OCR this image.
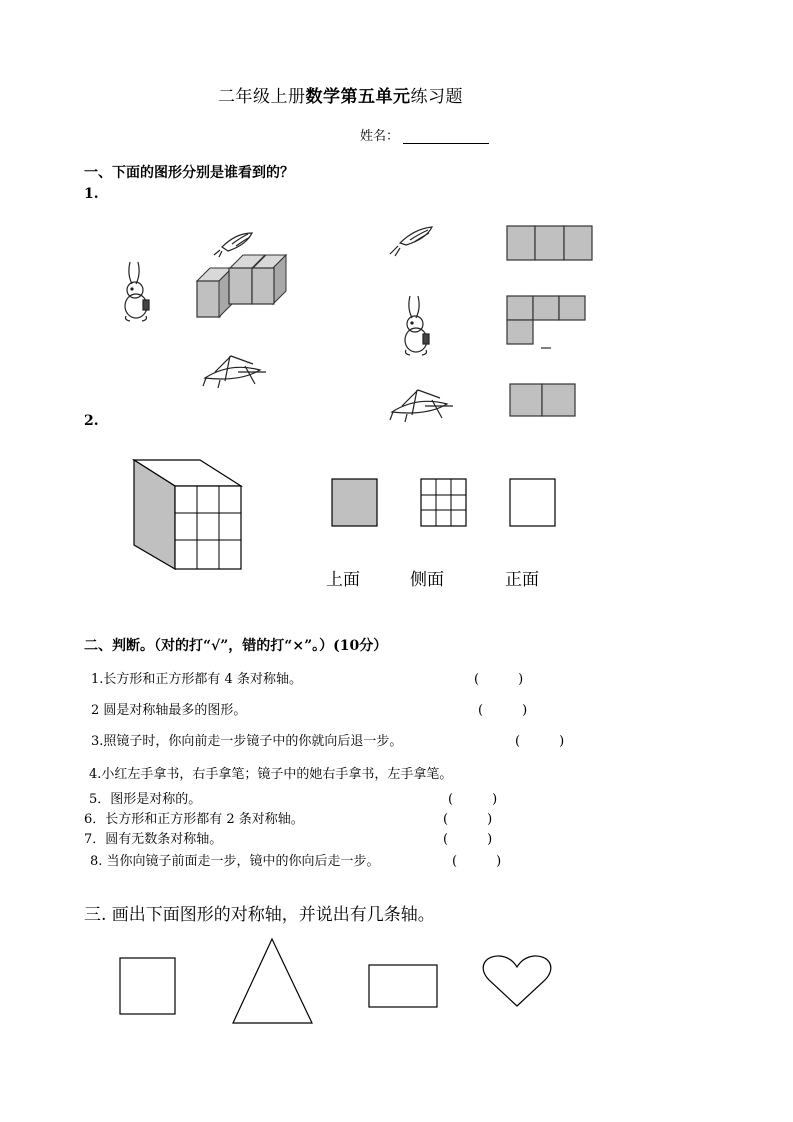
二年级上册数学第五单元练习题
姓名：
一、下面的图形分别是谁看到的？
1.
2.
上面	侧面	正面
二、判断。（对的打“√”，错的打“×”。）(10分）
1.长方形和正方形都有 4 条对称轴。	(　　　)
2 圆是对称轴最多的图形。	(　　　)
3.照镜子时，你向前走一步镜子中的你就向后退一步。	(　　　)
4.小红左手拿书，右手拿笔；镜子中的她右手拿书，左手拿笔。
5．图形是对称的。	(　　　)
6．长方形和正方形都有 2 条对称轴。	(　　　)
7．圆有无数条对称轴。	(　　　)
8. 当你向镜子前面走一步，镜中的你向后走一步。	(　　　)
三. 画出下面图形的对称轴，并说出有几条轴。
